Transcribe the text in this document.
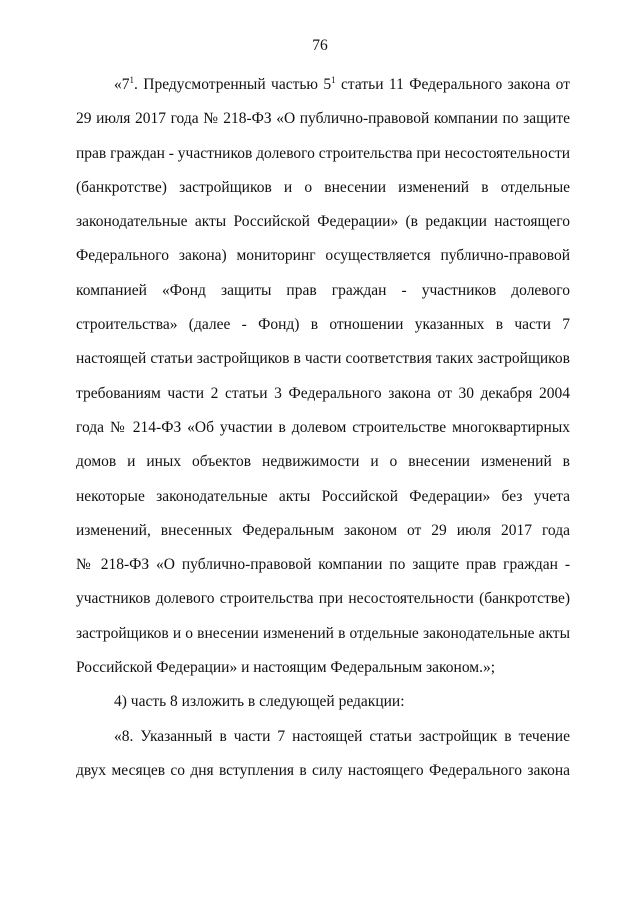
76
«$7^1$. Предусмотренный частью $5^1$ статьи 11 Федерального закона от
29 июля 2017 года № 218-ФЗ «О публично-правовой компании по защите
прав граждан - участников долевого строительства при несостоятельности
(банкротстве) застройщиков и о внесении изменений в отдельные
законодательные акты Российской Федерации» (в редакции настоящего
Федерального закона) мониторинг осуществляется публично-правовой
компанией «Фонд защиты прав граждан - участников долевого
строительства» (далее - Фонд) в отношении указанных в части 7
настоящей статьи застройщиков в части соответствия таких застройщиков
требованиям части 2 статьи 3 Федерального закона от 30 декабря 2004
года № 214-ФЗ «Об участии в долевом строительстве многоквартирных
домов и иных объектов недвижимости и о внесении изменений в
некоторые законодательные акты Российской Федерации» без учета
изменений, внесенных Федеральным законом от 29 июля 2017 года
№ 218-ФЗ «О публично-правовой компании по защите прав граждан -
участников долевого строительства при несостоятельности (банкротстве)
застройщиков и о внесении изменений в отдельные законодательные акты
Российской Федерации» и настоящим Федеральным законом.»;
4) часть 8 изложить в следующей редакции:
«8. Указанный в части 7 настоящей статьи застройщик в течение
двух месяцев со дня вступления в силу настоящего Федерального закона
